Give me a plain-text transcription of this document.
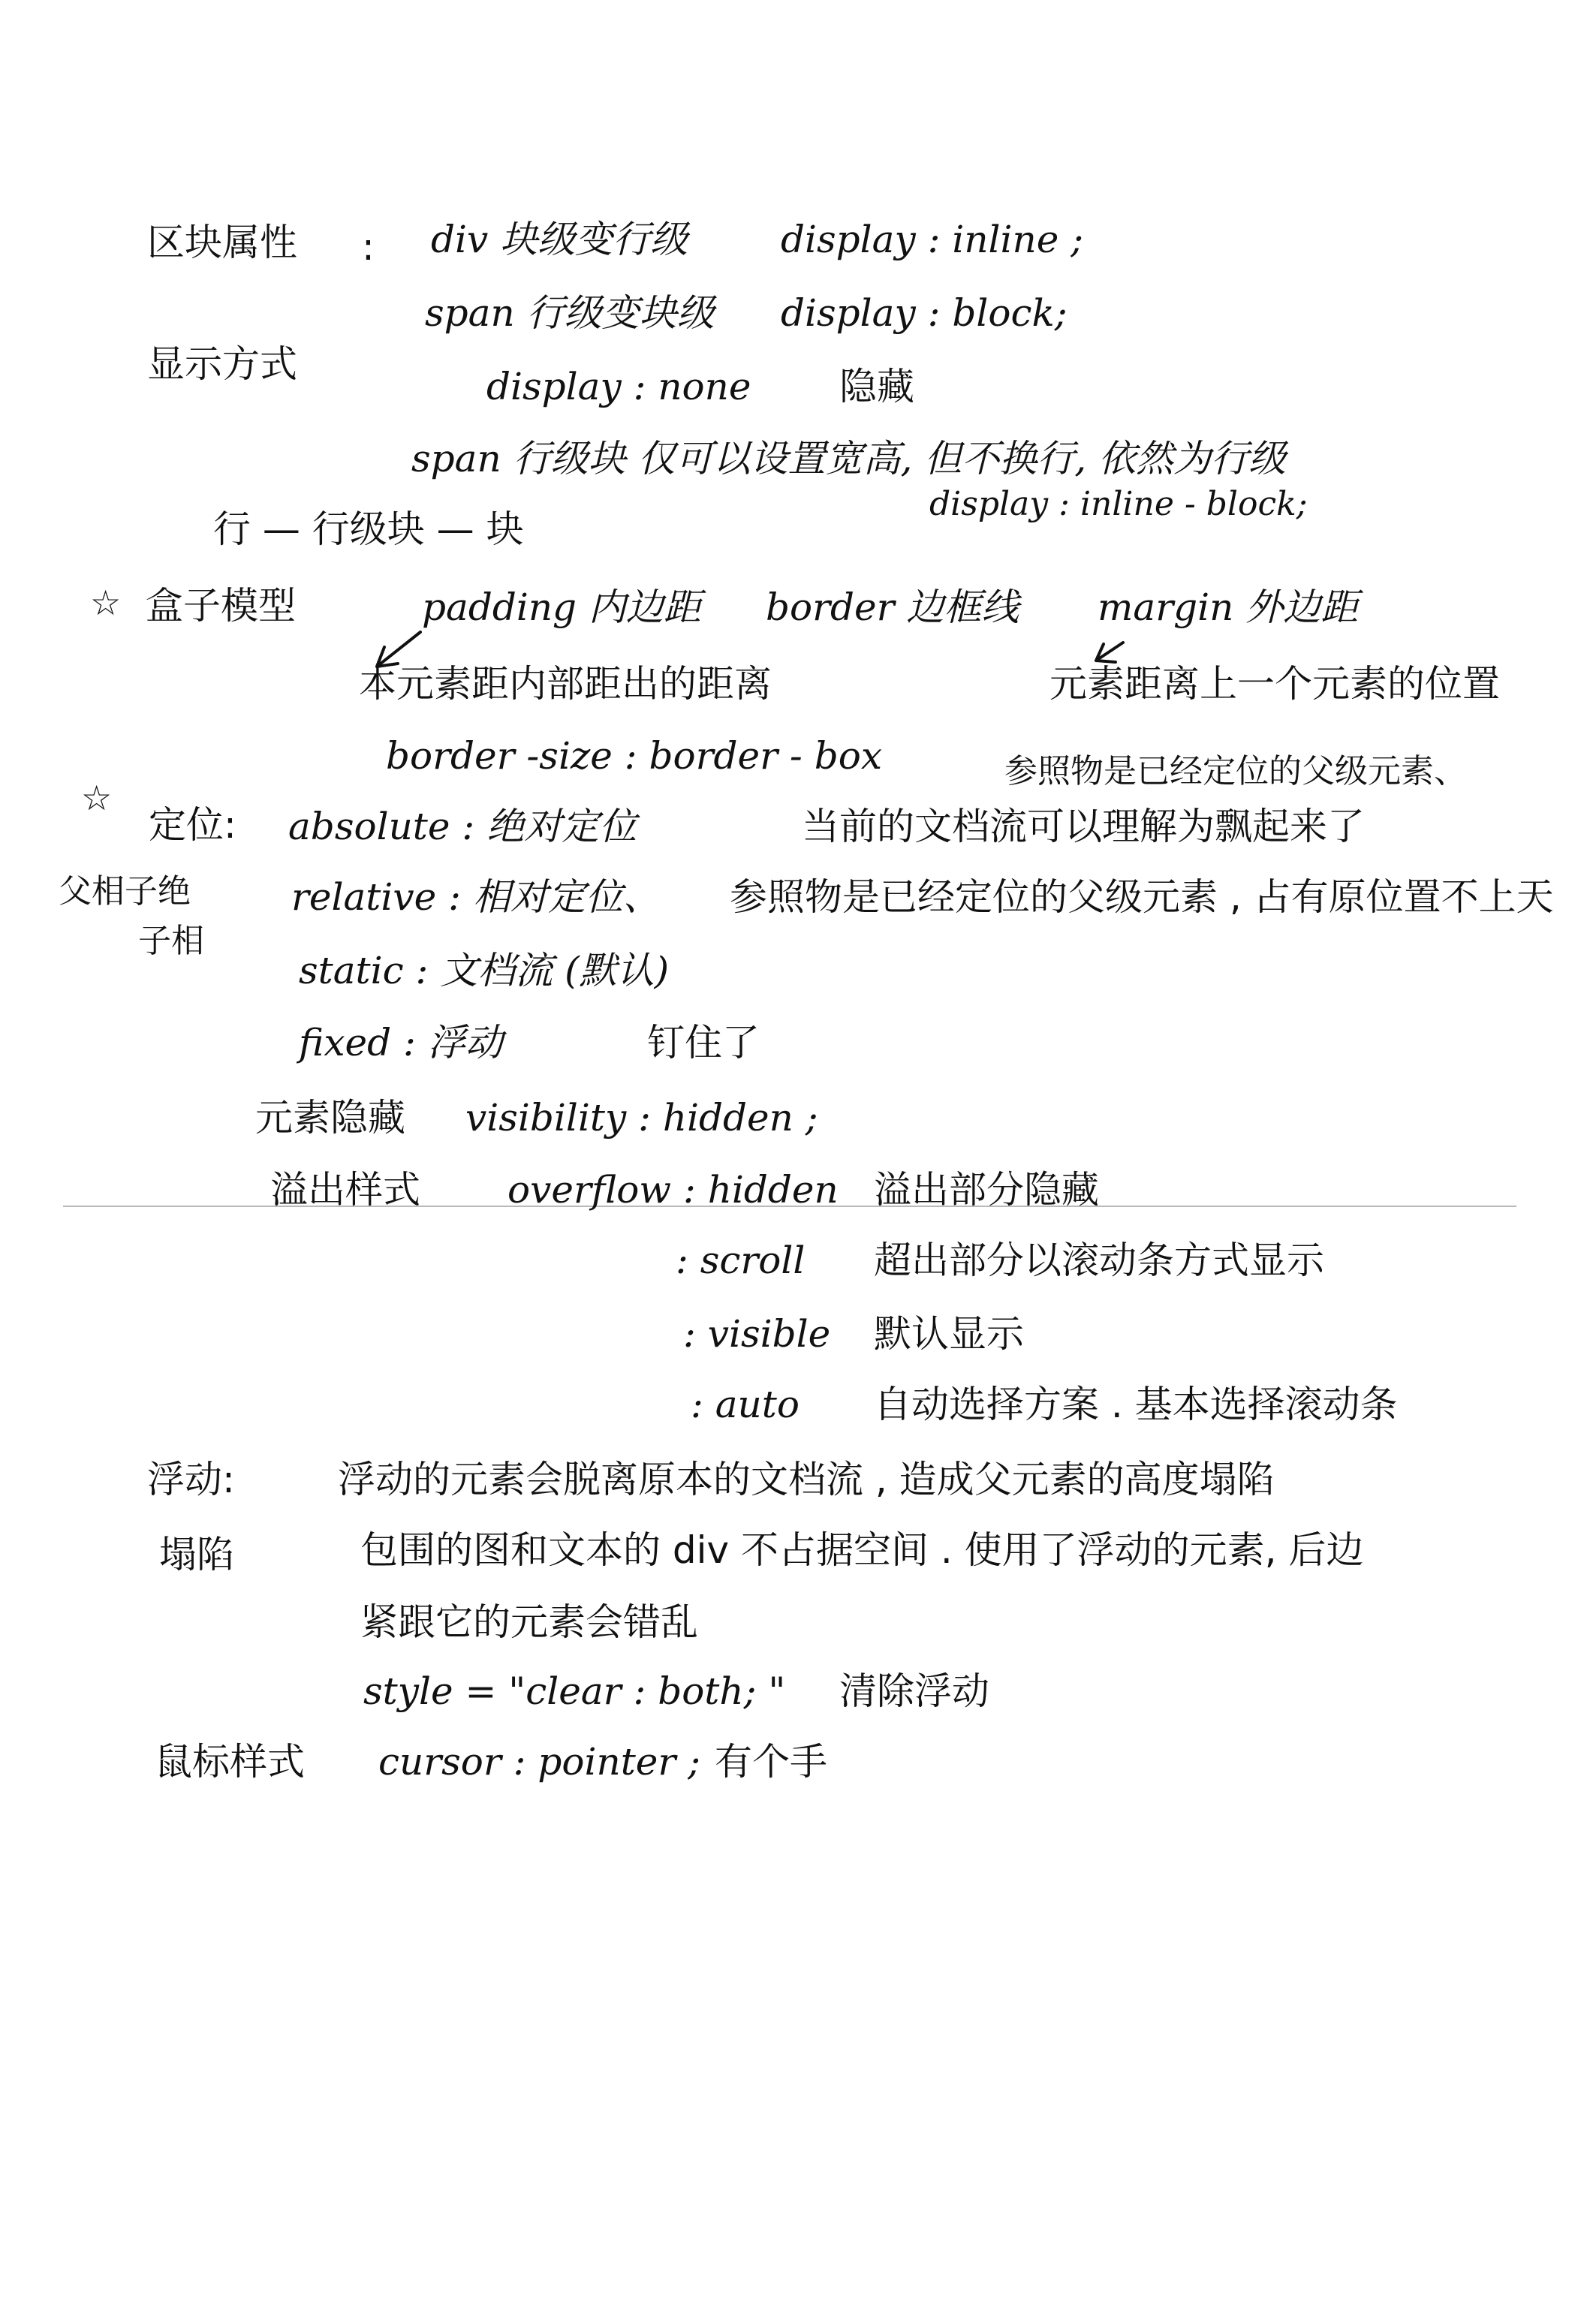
区块属性 : div 块级变行级 display : inline ;
span 行级变块级 display : block;
显示方式
display : none 隐藏
span 行级块 仅可以设置宽高, 但不换行, 依然为行级
display : inline - block;
行 — 行级块 — 块
☆ 盒子模型	padding 内边距 border 边框线 margin 外边距
本元素距内部距出的距离	元素距离上一个元素的位置
border -size : border - box	参照物是已经定位的父级元素、
☆
定位: absolute : 绝对定位	当前的文档流可以理解为飘起来了
父相子绝
子相
relative : 相对定位、 参照物是已经定位的父级元素 , 占有原位置不上天
static : 文档流 (默认)
fixed : 浮动	钉住了
元素隐藏 visibility : hidden ;
溢出样式 overflow : hidden 溢出部分隐藏
: scroll 超出部分以滚动条方式显示
: visible 默认显示
: auto 自动选择方案 . 基本选择滚动条
浮动:	浮动的元素会脱离原本的文档流 , 造成父元素的高度塌陷
塌陷	包围的图和文本的 div 不占据空间 . 使用了浮动的元素, 后边
紧跟它的元素会错乱
style = "clear : both; " 清除浮动
鼠标样式 cursor : pointer ; 有个手
